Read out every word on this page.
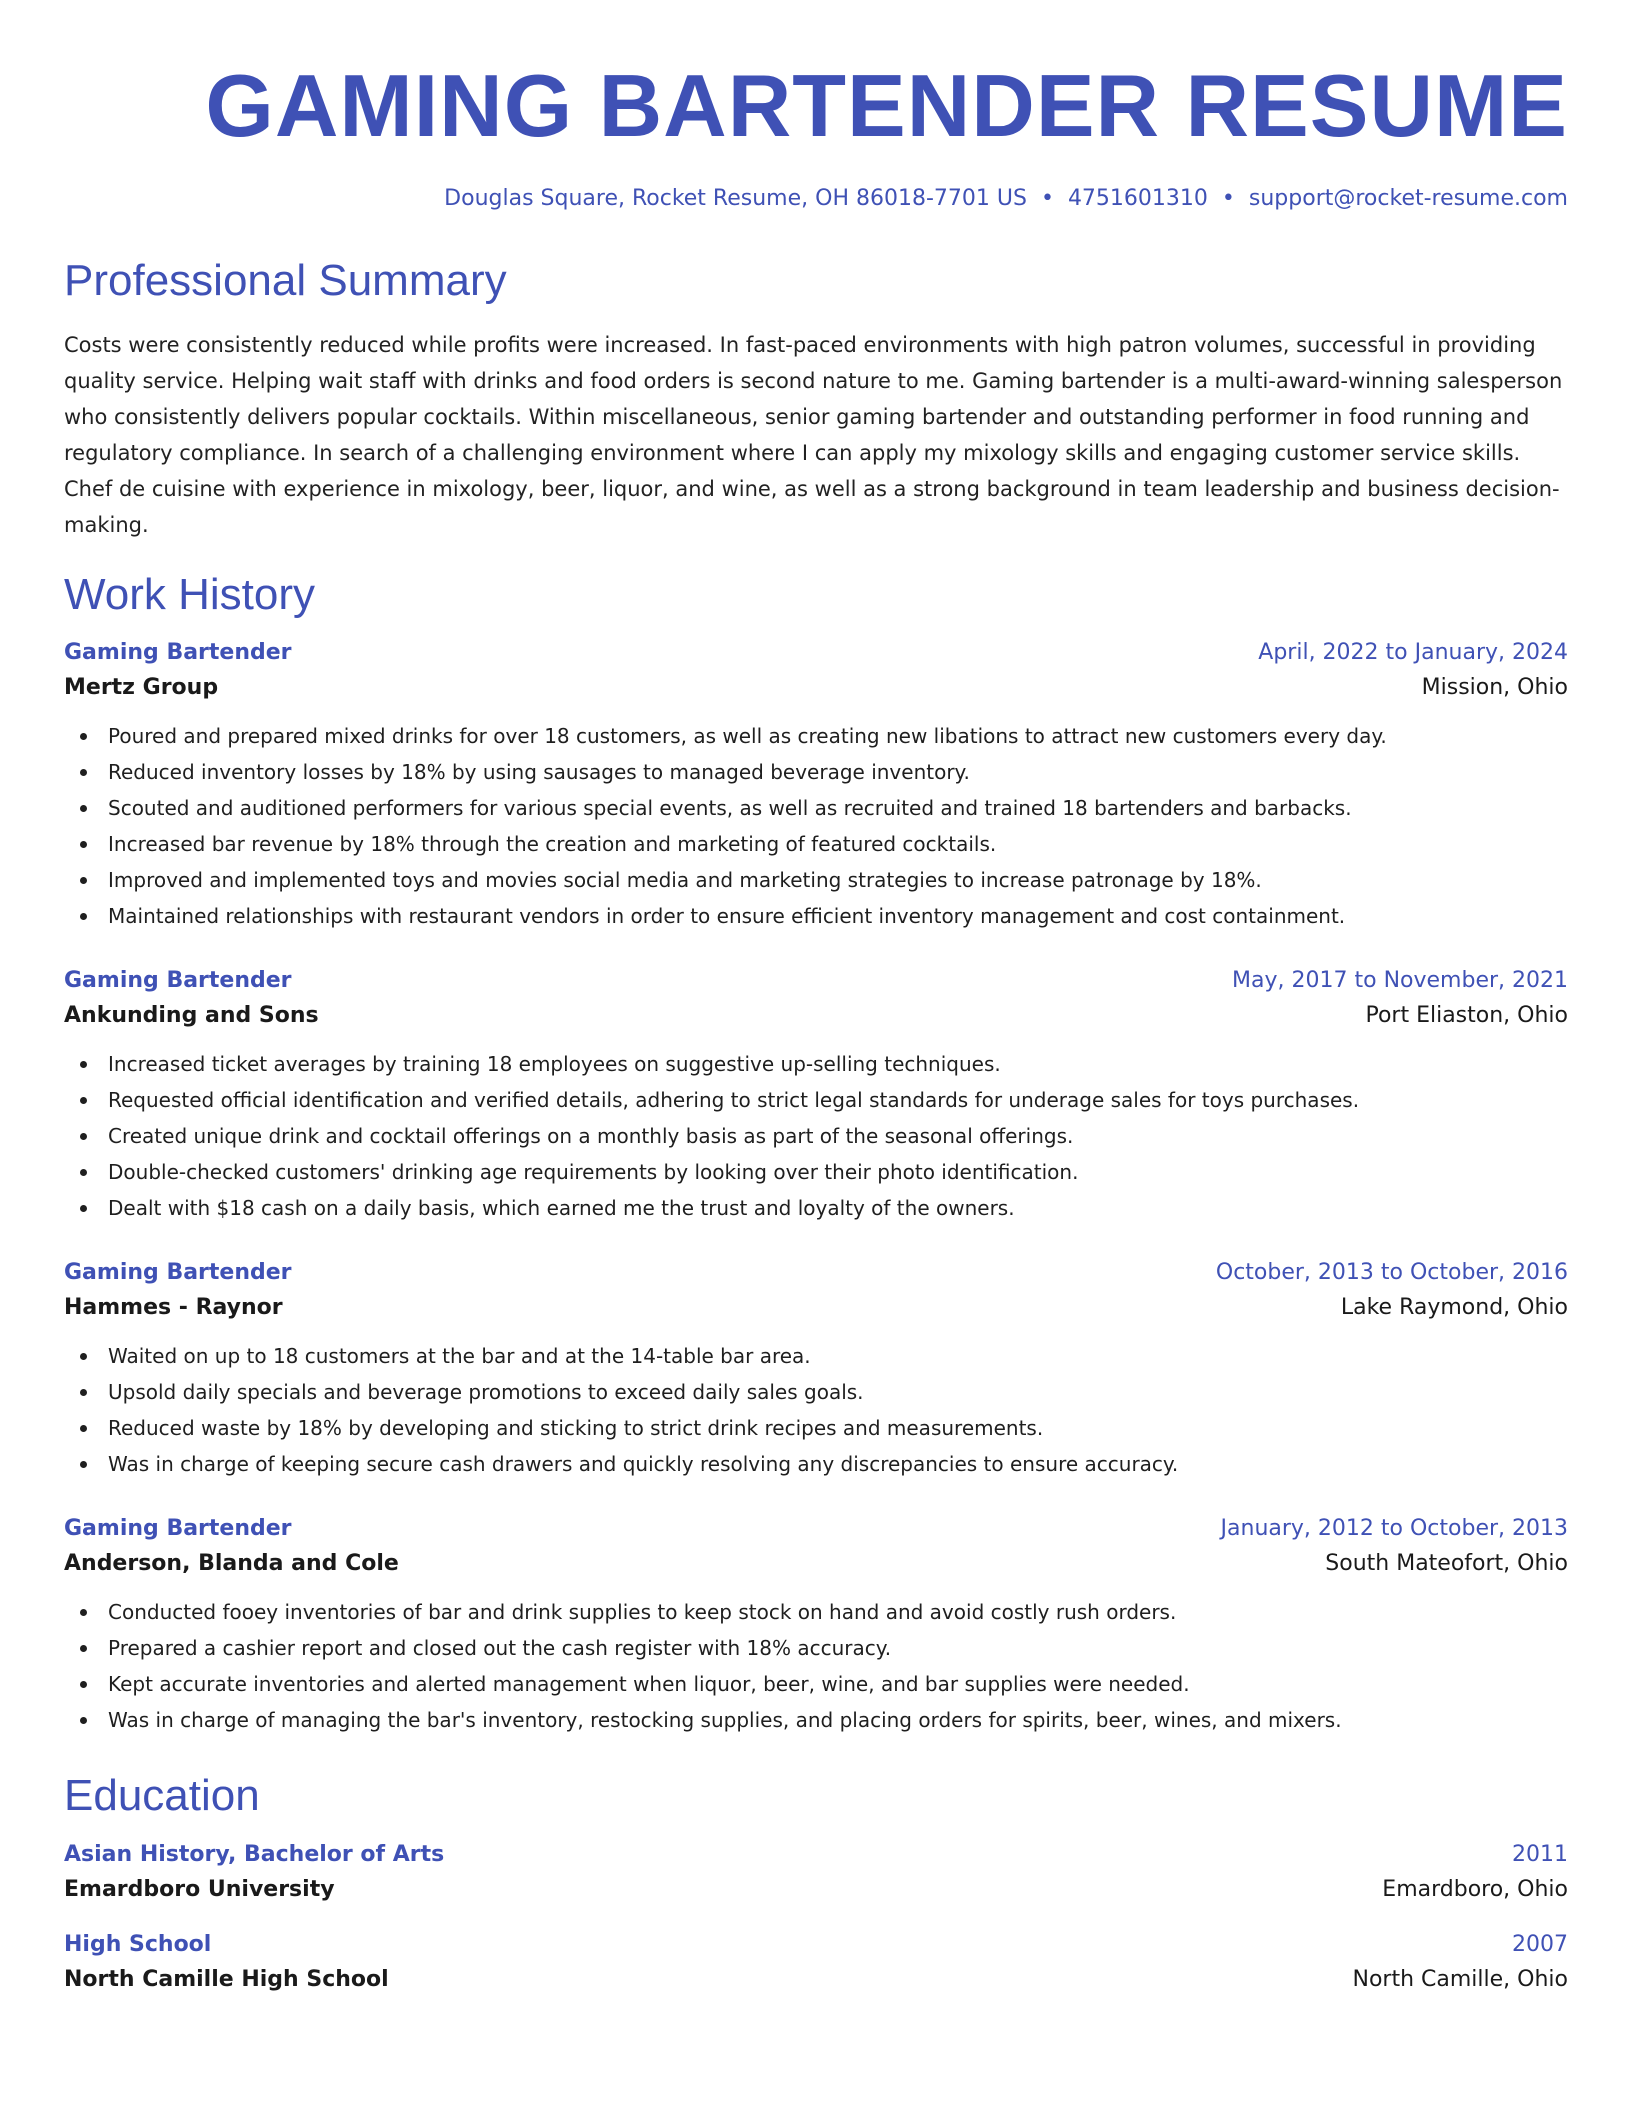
GAMING BARTENDER RESUME
Douglas Square, Rocket Resume, OH 86018-7701 US • 4751601310 • support@rocket-resume.com
Professional Summary

Costs were consistently reduced while profits were increased. In fast-paced environments with high patron volumes, successful in providing quality service. Helping wait staff with drinks and food orders is second nature to me. Gaming bartender is a multi-award-winning salesperson who consistently delivers popular cocktails. Within miscellaneous, senior gaming bartender and outstanding performer in food running and regulatory compliance. In search of a challenging environment where I can apply my mixology skills and engaging customer service skills. Chef de cuisine with experience in mixology, beer, liquor, and wine, as well as a strong background in team leadership and business decision-making.

Work History
Gaming Bartender	April, 2022 to January, 2024
Mertz Group	Mission, Ohio
Poured and prepared mixed drinks for over 18 customers, as well as creating new libations to attract new customers every day.
Reduced inventory losses by 18% by using sausages to managed beverage inventory.
Scouted and auditioned performers for various special events, as well as recruited and trained 18 bartenders and barbacks.
Increased bar revenue by 18% through the creation and marketing of featured cocktails.
Improved and implemented toys and movies social media and marketing strategies to increase patronage by 18%.
Maintained relationships with restaurant vendors in order to ensure efficient inventory management and cost containment.
Gaming Bartender	May, 2017 to November, 2021
Ankunding and Sons	Port Eliaston, Ohio
Increased ticket averages by training 18 employees on suggestive up-selling techniques.
Requested official identification and verified details, adhering to strict legal standards for underage sales for toys purchases.
Created unique drink and cocktail offerings on a monthly basis as part of the seasonal offerings.
Double-checked customers' drinking age requirements by looking over their photo identification.
Dealt with $18 cash on a daily basis, which earned me the trust and loyalty of the owners.
Gaming Bartender	October, 2013 to October, 2016
Hammes - Raynor	Lake Raymond, Ohio
Waited on up to 18 customers at the bar and at the 14-table bar area.
Upsold daily specials and beverage promotions to exceed daily sales goals.
Reduced waste by 18% by developing and sticking to strict drink recipes and measurements.
Was in charge of keeping secure cash drawers and quickly resolving any discrepancies to ensure accuracy.
Gaming Bartender	January, 2012 to October, 2013
Anderson, Blanda and Cole	South Mateofort, Ohio
Conducted fooey inventories of bar and drink supplies to keep stock on hand and avoid costly rush orders.
Prepared a cashier report and closed out the cash register with 18% accuracy.
Kept accurate inventories and alerted management when liquor, beer, wine, and bar supplies were needed.
Was in charge of managing the bar's inventory, restocking supplies, and placing orders for spirits, beer, wines, and mixers.
Education
Asian History, Bachelor of Arts	2011
Emardboro University	Emardboro, Ohio
High School	2007
North Camille High School	North Camille, Ohio
